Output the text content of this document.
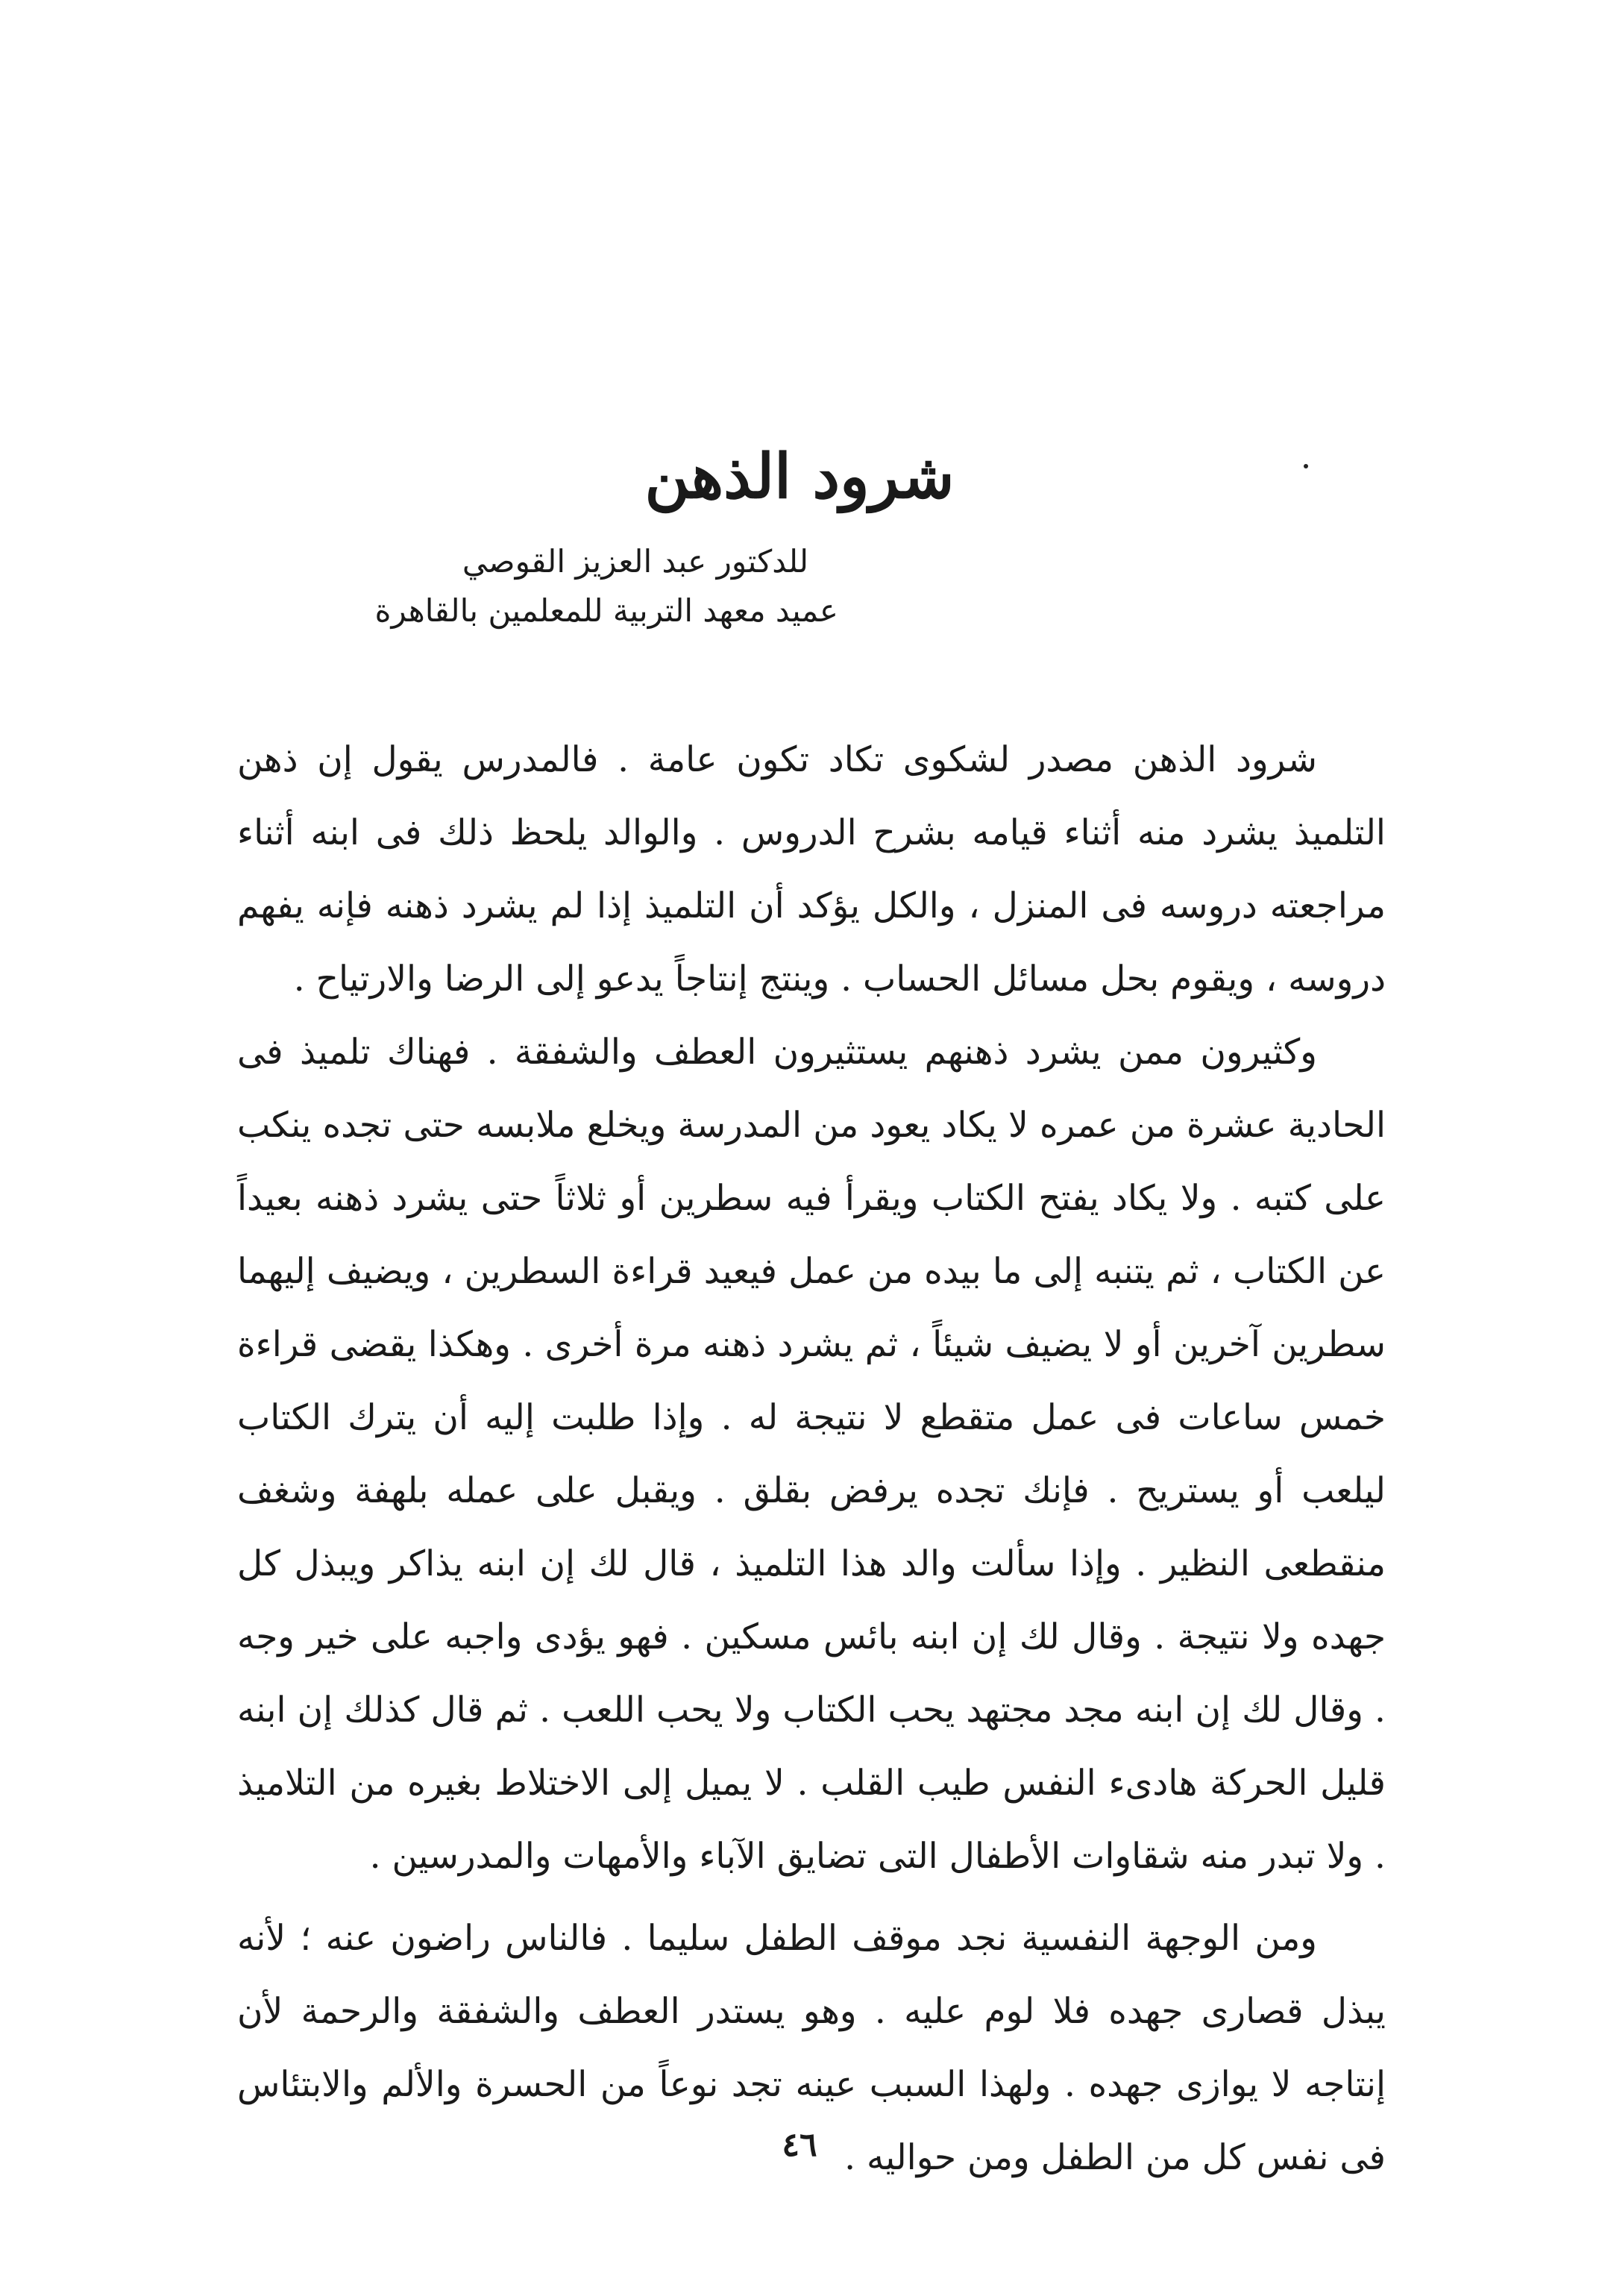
شرود الذهن
للدكتور عبد العزيز القوصي
عميد معهد التربية للمعلمين بالقاهرة

شرود الذهن مصدر لشكوى تكاد تكون عامة . فالمدرس يقول إن ذهن التلميذ يشرد منه أثناء قيامه بشرح الدروس . والوالد يلحظ ذلك فى ابنه أثناء مراجعته دروسه فى المنزل ، والكل يؤكد أن التلميذ إذا لم يشرد ذهنه فإنه يفهم دروسه ، ويقوم بحل مسائل الحساب . وينتج إنتاجاً يدعو إلى الرضا والارتياح .

وكثيرون ممن يشرد ذهنهم يستثيرون العطف والشفقة . فهناك تلميذ فى الحادية عشرة من عمره لا يكاد يعود من المدرسة ويخلع ملابسه حتى تجده ينكب على كتبه . ولا يكاد يفتح الكتاب ويقرأ فيه سطرين أو ثلاثاً حتى يشرد ذهنه بعيداً عن الكتاب ، ثم يتنبه إلى ما بيده من عمل فيعيد قراءة السطرين ، ويضيف إليهما سطرين آخرين أو لا يضيف شيئاً ، ثم يشرد ذهنه مرة أخرى . وهكذا يقضى قراءة خمس ساعات فى عمل متقطع لا نتيجة له . وإذا طلبت إليه أن يترك الكتاب ليلعب أو يستريح . فإنك تجده يرفض بقلق . ويقبل على عمله بلهفة وشغف منقطعى النظير . وإذا سألت والد هذا التلميذ ، قال لك إن ابنه يذاكر ويبذل كل جهده ولا نتيجة . وقال لك إن ابنه بائس مسكين . فهو يؤدى واجبه على خير وجه . وقال لك إن ابنه مجد مجتهد يحب الكتاب ولا يحب اللعب . ثم قال كذلك إن ابنه قليل الحركة هادىء النفس طيب القلب . لا يميل إلى الاختلاط بغيره من التلاميذ . ولا تبدر منه شقاوات الأطفال التى تضايق الآباء والأمهات والمدرسين .

ومن الوجهة النفسية نجد موقف الطفل سليما . فالناس راضون عنه ؛ لأنه يبذل قصارى جهده فلا لوم عليه . وهو يستدر العطف والشفقة والرحمة لأن إنتاجه لا يوازى جهده . ولهذا السبب عينه تجد نوعاً من الحسرة والألم والابتئاس فى نفس كل من الطفل ومن حواليه .

٤٦
